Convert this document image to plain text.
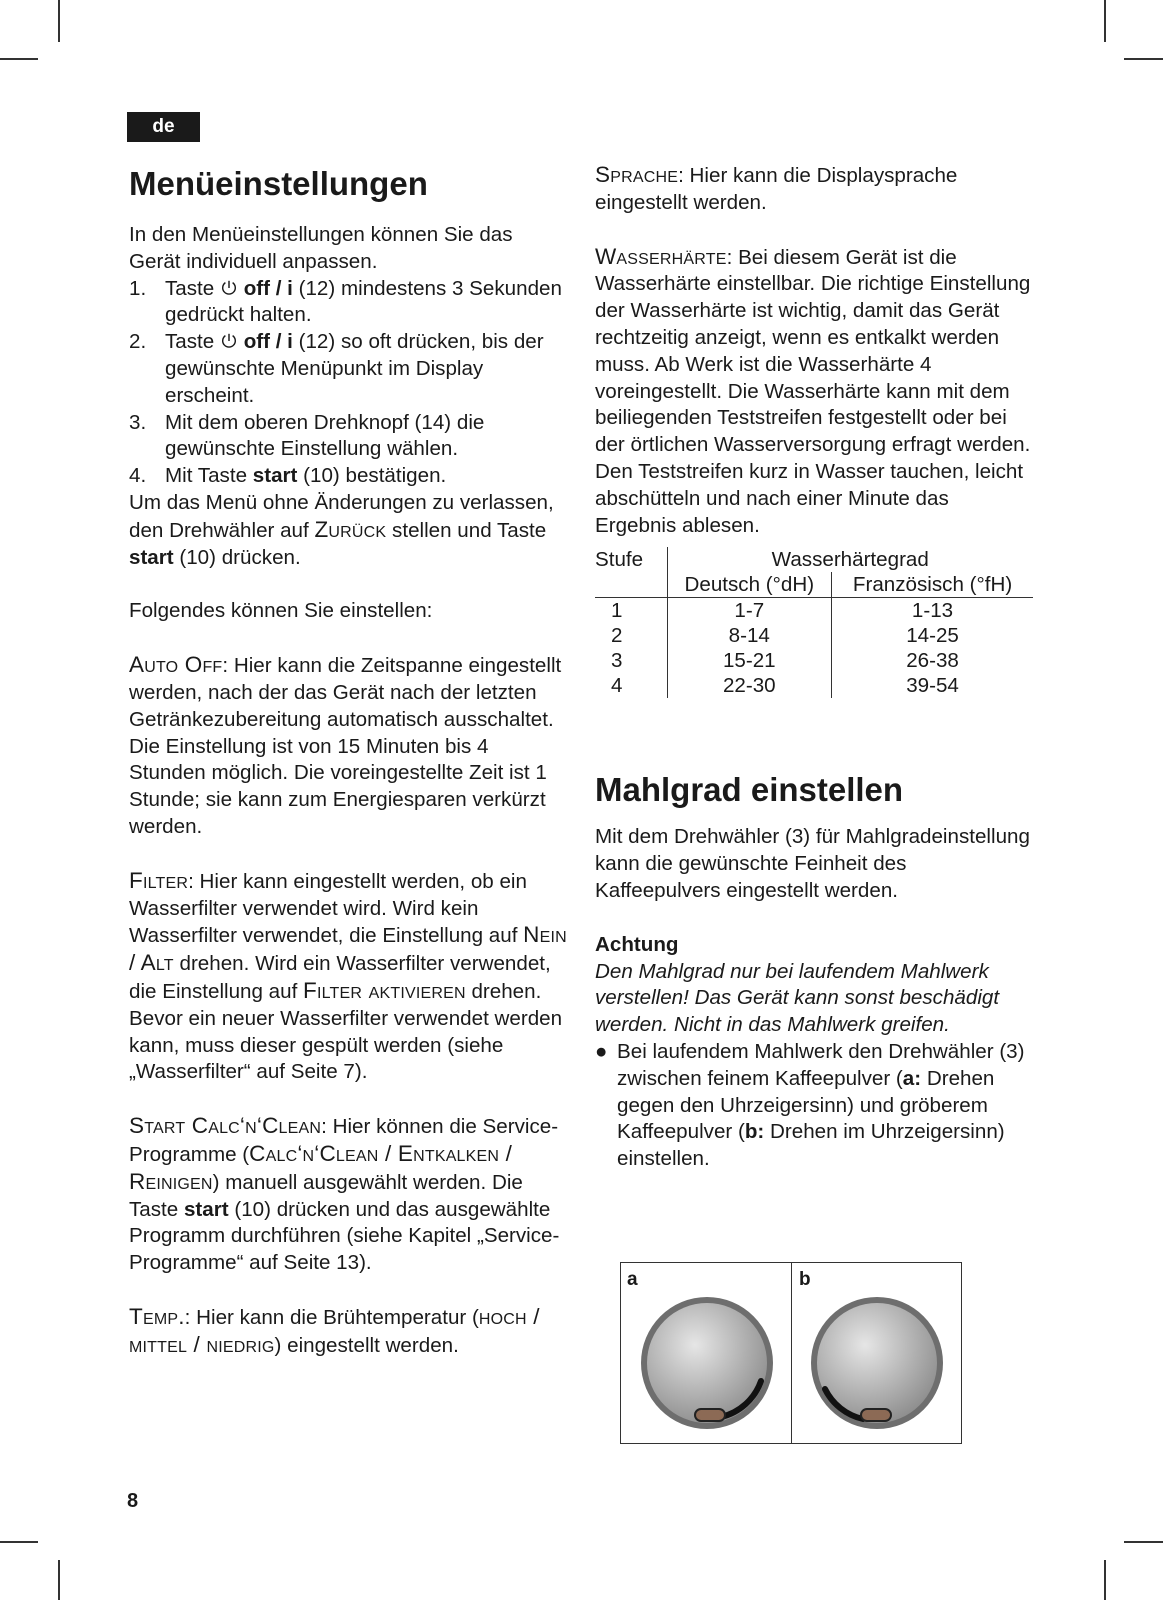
de
Menüeinstellungen
In den Menüeinstellungen können Sie das Gerät individuell anpassen.
1. Taste off / i (12) mindestens 3 Sekunden gedrückt halten.
2. Taste off / i (12) so oft drücken, bis der gewünschte Menüpunkt im Display erscheint.
3. Mit dem oberen Drehknopf (14) die gewünschte Einstellung wählen.
4. Mit Taste start (10) bestätigen.
Um das Menü ohne Änderungen zu verlassen, den Drehwähler auf Zurück stellen und Taste start (10) drücken.
Folgendes können Sie einstellen:
Auto Off: Hier kann die Zeitspanne eingestellt werden, nach der das Gerät nach der letzten Getränkezubereitung automatisch ausschaltet. Die Einstellung ist von 15 Minuten bis 4 Stunden möglich. Die voreingestellte Zeit ist 1 Stunde; sie kann zum Energiesparen verkürzt werden.
Filter: Hier kann eingestellt werden, ob ein Wasserfilter verwendet wird. Wird kein Wasserfilter verwendet, die Einstellung auf Nein / Alt drehen. Wird ein Wasserfilter verwendet, die Einstellung auf Filter aktivieren drehen. Bevor ein neuer Wasserfilter verwendet werden kann, muss dieser gespült werden (siehe „Wasserfilter“ auf Seite 7).
Start Calc‘n‘Clean: Hier können die Service-Programme (Calc‘n‘Clean / Entkalken / Reinigen) manuell ausgewählt werden. Die Taste start (10) drücken und das ausgewählte Programm durchführen (siehe Kapitel „Service-Programme“ auf Seite 13).
Temp.: Hier kann die Brühtemperatur (hoch / mittel / niedrig) eingestellt werden.
Sprache: Hier kann die Displaysprache eingestellt werden.
Wasserhärte: Bei diesem Gerät ist die Wasserhärte einstellbar. Die richtige Einstellung der Wasserhärte ist wichtig, damit das Gerät rechtzeitig anzeigt, wenn es entkalkt werden muss. Ab Werk ist die Wasserhärte 4 voreingestellt. Die Wasserhärte kann mit dem beiliegenden Teststreifen festgestellt oder bei der örtlichen Wasserversorgung erfragt werden.
Den Teststreifen kurz in Wasser tauchen, leicht abschütteln und nach einer Minute das Ergebnis ablesen.
Stufe	Wasserhärtegrad	
	Deutsch (°dH)	Französisch (°fH)
1	1-7	1-13
2	8-14	14-25
3	15-21	26-38
4	22-30	39-54
Mahlgrad einstellen
Mit dem Drehwähler (3) für Mahlgradeinstellung kann die gewünschte Feinheit des Kaffeepulvers eingestellt werden.
Achtung
Den Mahlgrad nur bei laufendem Mahlwerk verstellen! Das Gerät kann sonst beschädigt werden. Nicht in das Mahlwerk greifen.
● Bei laufendem Mahlwerk den Drehwähler (3) zwischen feinem Kaffeepulver (a: Drehen gegen den Uhrzeigersinn) und gröberem Kaffeepulver (b: Drehen im Uhrzeigersinn) einstellen.
a	b
8
